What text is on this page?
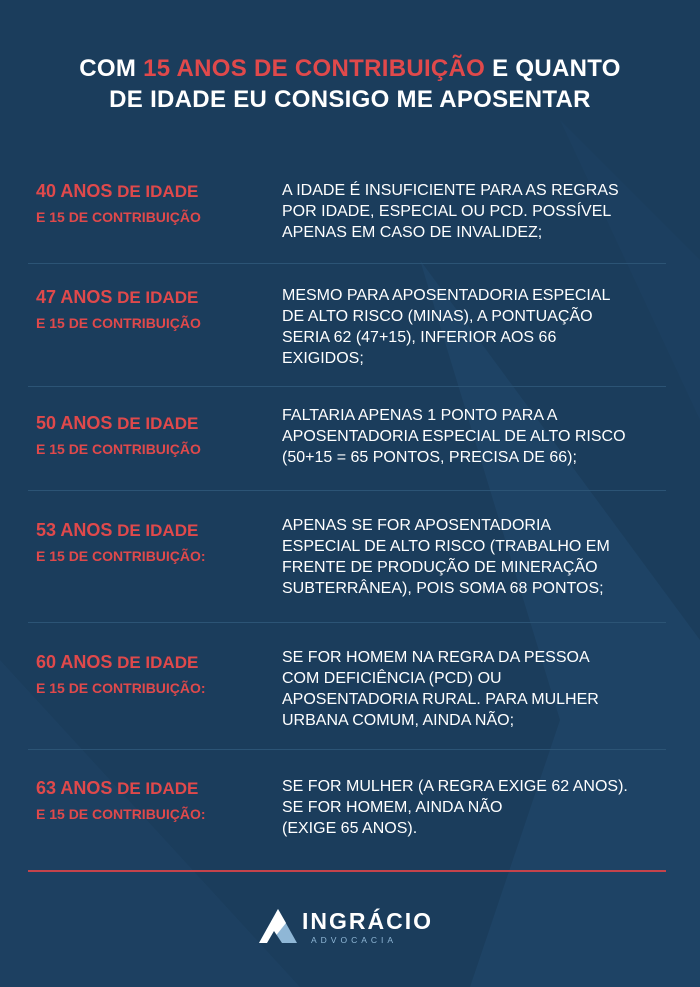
COM 15 ANOS DE CONTRIBUIÇÃO E QUANTO
DE IDADE EU CONSIGO ME APOSENTAR
40 ANOS DE IDADE
E 15 DE CONTRIBUIÇÃO
A IDADE É INSUFICIENTE PARA AS REGRAS
POR IDADE, ESPECIAL OU PCD. POSSÍVEL
APENAS EM CASO DE INVALIDEZ;
47 ANOS DE IDADE
E 15 DE CONTRIBUIÇÃO
MESMO PARA APOSENTADORIA ESPECIAL
DE ALTO RISCO (MINAS), A PONTUAÇÃO
SERIA 62 (47+15), INFERIOR AOS 66
EXIGIDOS;
50 ANOS DE IDADE
E 15 DE CONTRIBUIÇÃO
FALTARIA APENAS 1 PONTO PARA A
APOSENTADORIA ESPECIAL DE ALTO RISCO
(50+15 = 65 PONTOS, PRECISA DE 66);
53 ANOS DE IDADE
E 15 DE CONTRIBUIÇÃO:
APENAS SE FOR APOSENTADORIA
ESPECIAL DE ALTO RISCO (TRABALHO EM
FRENTE DE PRODUÇÃO DE MINERAÇÃO
SUBTERRÂNEA), POIS SOMA 68 PONTOS;
60 ANOS DE IDADE
E 15 DE CONTRIBUIÇÃO:
SE FOR HOMEM NA REGRA DA PESSOA
COM DEFICIÊNCIA (PCD) OU
APOSENTADORIA RURAL. PARA MULHER
URBANA COMUM, AINDA NÃO;
63 ANOS DE IDADE
E 15 DE CONTRIBUIÇÃO:
SE FOR MULHER (A REGRA EXIGE 62 ANOS).
SE FOR HOMEM, AINDA NÃO
(EXIGE 65 ANOS).
INGRÁCIO
ADVOCACIA
